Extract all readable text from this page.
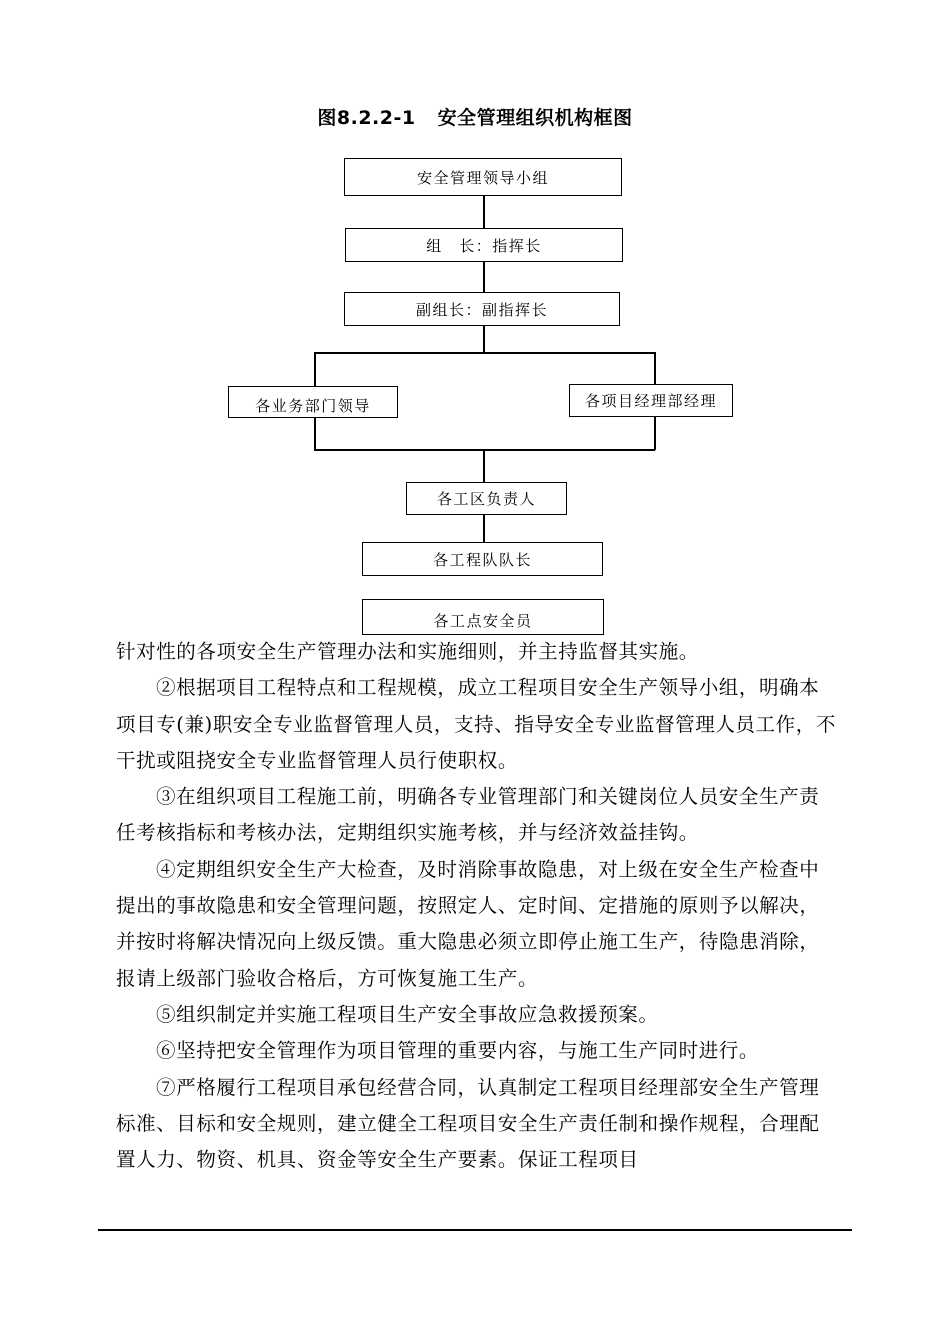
图8.2.2-1 安全管理组织机构框图
安全管理领导小组
组　长：指挥长
副组长：副指挥长
各业务部门领导	各项目经理部经理
各工区负责人
各工程队队长
各工点安全员

针对性的各项安全生产管理办法和实施细则，并主持监督其实施。

②根据项目工程特点和工程规模，成立工程项目安全生产领导小组，明确本项目专(兼)职安全专业监督管理人员，支持、指导安全专业监督管理人员工作，不干扰或阻挠安全专业监督管理人员行使职权。

③在组织项目工程施工前，明确各专业管理部门和关键岗位人员安全生产责任考核指标和考核办法，定期组织实施考核，并与经济效益挂钩。

④定期组织安全生产大检查，及时消除事故隐患，对上级在安全生产检查中提出的事故隐患和安全管理问题，按照定人、定时间、定措施的原则予以解决，并按时将解决情况向上级反馈。重大隐患必须立即停止施工生产，待隐患消除，报请上级部门验收合格后，方可恢复施工生产。

⑤组织制定并实施工程项目生产安全事故应急救援预案。

⑥坚持把安全管理作为项目管理的重要内容，与施工生产同时进行。

⑦严格履行工程项目承包经营合同，认真制定工程项目经理部安全生产管理标准、目标和安全规则，建立健全工程项目安全生产责任制和操作规程，合理配置人力、物资、机具、资金等安全生产要素。保证工程项目
